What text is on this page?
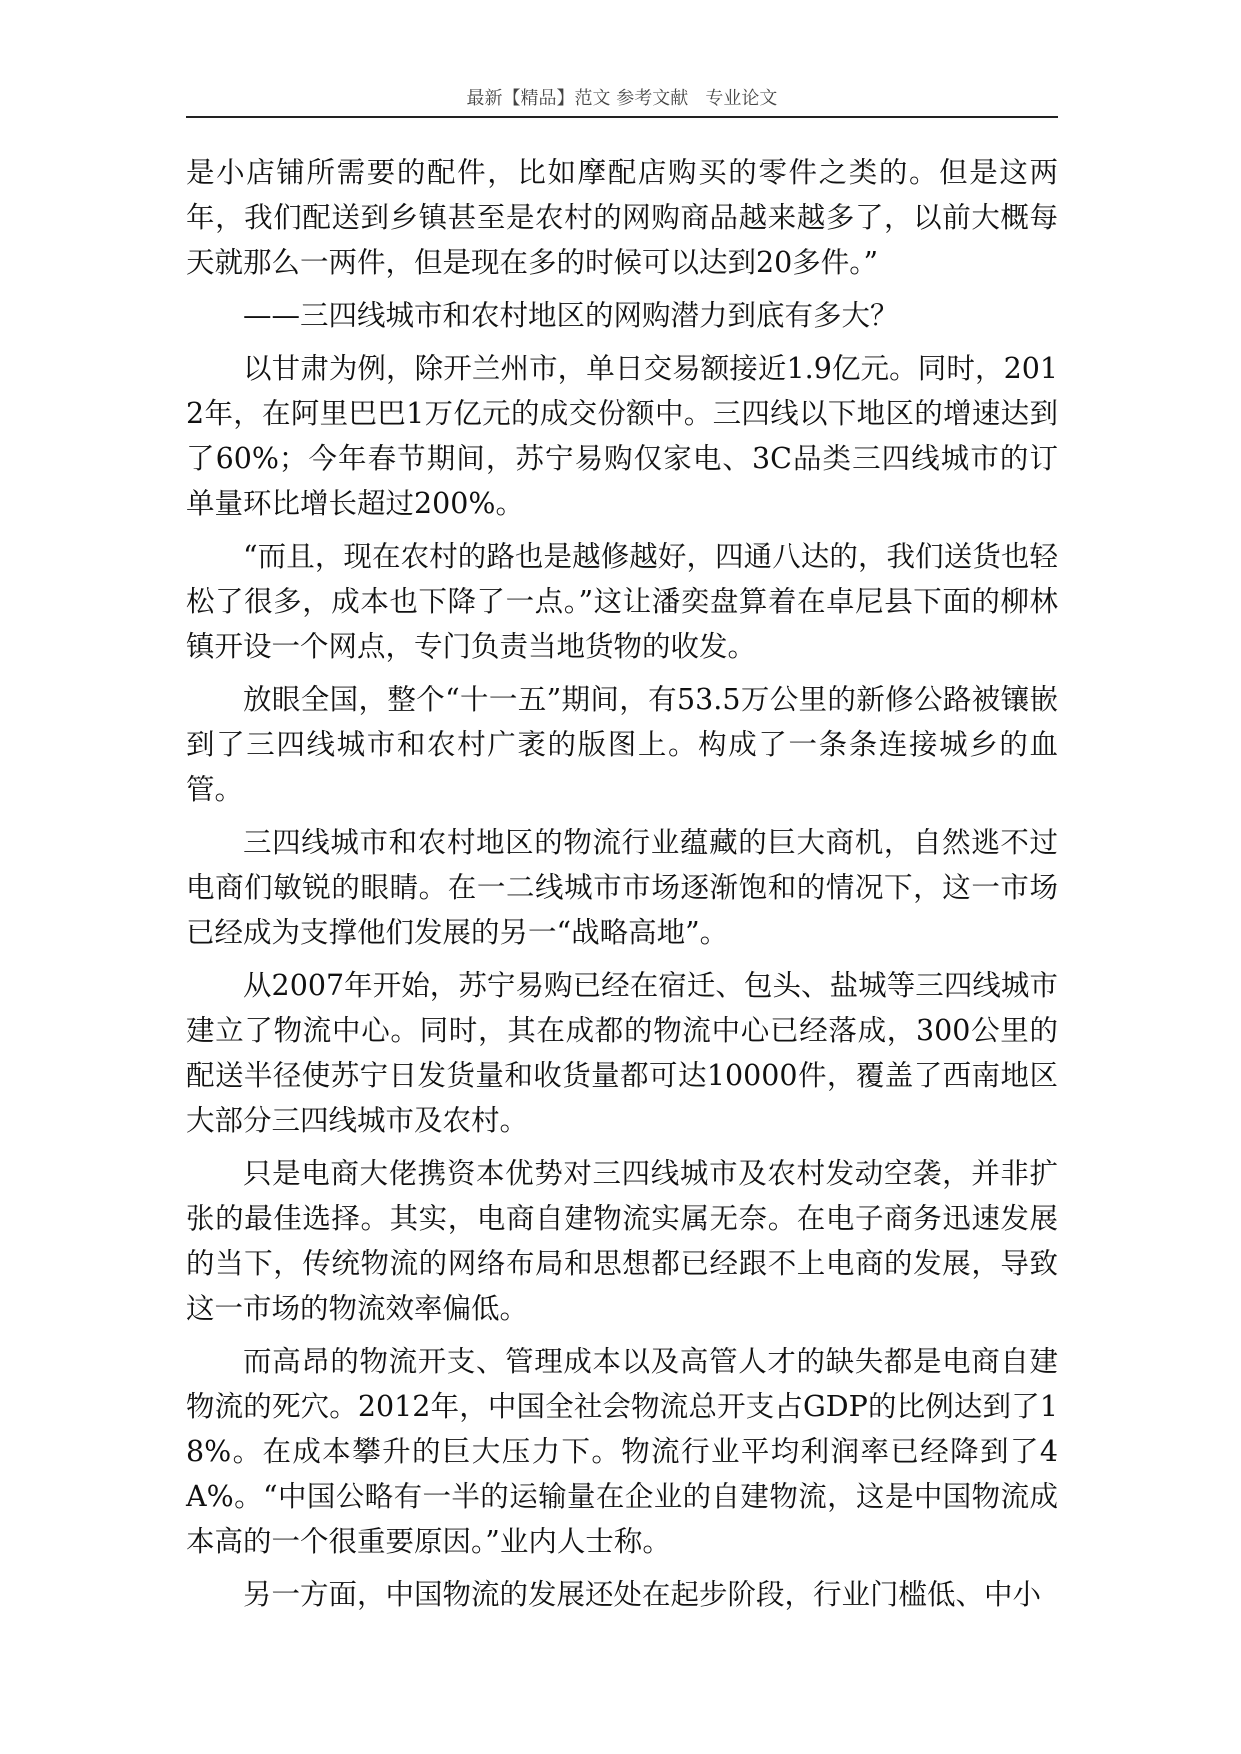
最新【精品】范文 参考文献   专业论文

是小店铺所需要的配件，比如摩配店购买的零件之类的。但是这两年，我们配送到乡镇甚至是农村的网购商品越来越多了，以前大概每天就那么一两件，但是现在多的时候可以达到20多件。”

——三四线城市和农村地区的网购潜力到底有多大？

以甘肃为例，除开兰州市，单日交易额接近1.9亿元。同时，2012年，在阿里巴巴1万亿元的成交份额中。三四线以下地区的增速达到了60%；今年春节期间，苏宁易购仅家电、3C品类三四线城市的订单量环比增长超过200%。

“而且，现在农村的路也是越修越好，四通八达的，我们送货也轻松了很多，成本也下降了一点。”这让潘奕盘算着在卓尼县下面的柳林镇开设一个网点，专门负责当地货物的收发。

放眼全国，整个“十一五”期间，有53.5万公里的新修公路被镶嵌到了三四线城市和农村广袤的版图上。构成了一条条连接城乡的血管。

三四线城市和农村地区的物流行业蕴藏的巨大商机，自然逃不过电商们敏锐的眼睛。在一二线城市市场逐渐饱和的情况下，这一市场已经成为支撑他们发展的另一“战略高地”。

从2007年开始，苏宁易购已经在宿迁、包头、盐城等三四线城市建立了物流中心。同时，其在成都的物流中心已经落成，300公里的配送半径使苏宁日发货量和收货量都可达10000件，覆盖了西南地区大部分三四线城市及农村。

只是电商大佬携资本优势对三四线城市及农村发动空袭，并非扩张的最佳选择。其实，电商自建物流实属无奈。在电子商务迅速发展的当下，传统物流的网络布局和思想都已经跟不上电商的发展，导致这一市场的物流效率偏低。

而高昂的物流开支、管理成本以及高管人才的缺失都是电商自建物流的死穴。2012年，中国全社会物流总开支占GDP的比例达到了18%。在成本攀升的巨大压力下。物流行业平均利润率已经降到了4A%。“中国公略有一半的运输量在企业的自建物流，这是中国物流成本高的一个很重要原因。”业内人士称。

另一方面，中国物流的发展还处在起步阶段，行业门槛低、中小
